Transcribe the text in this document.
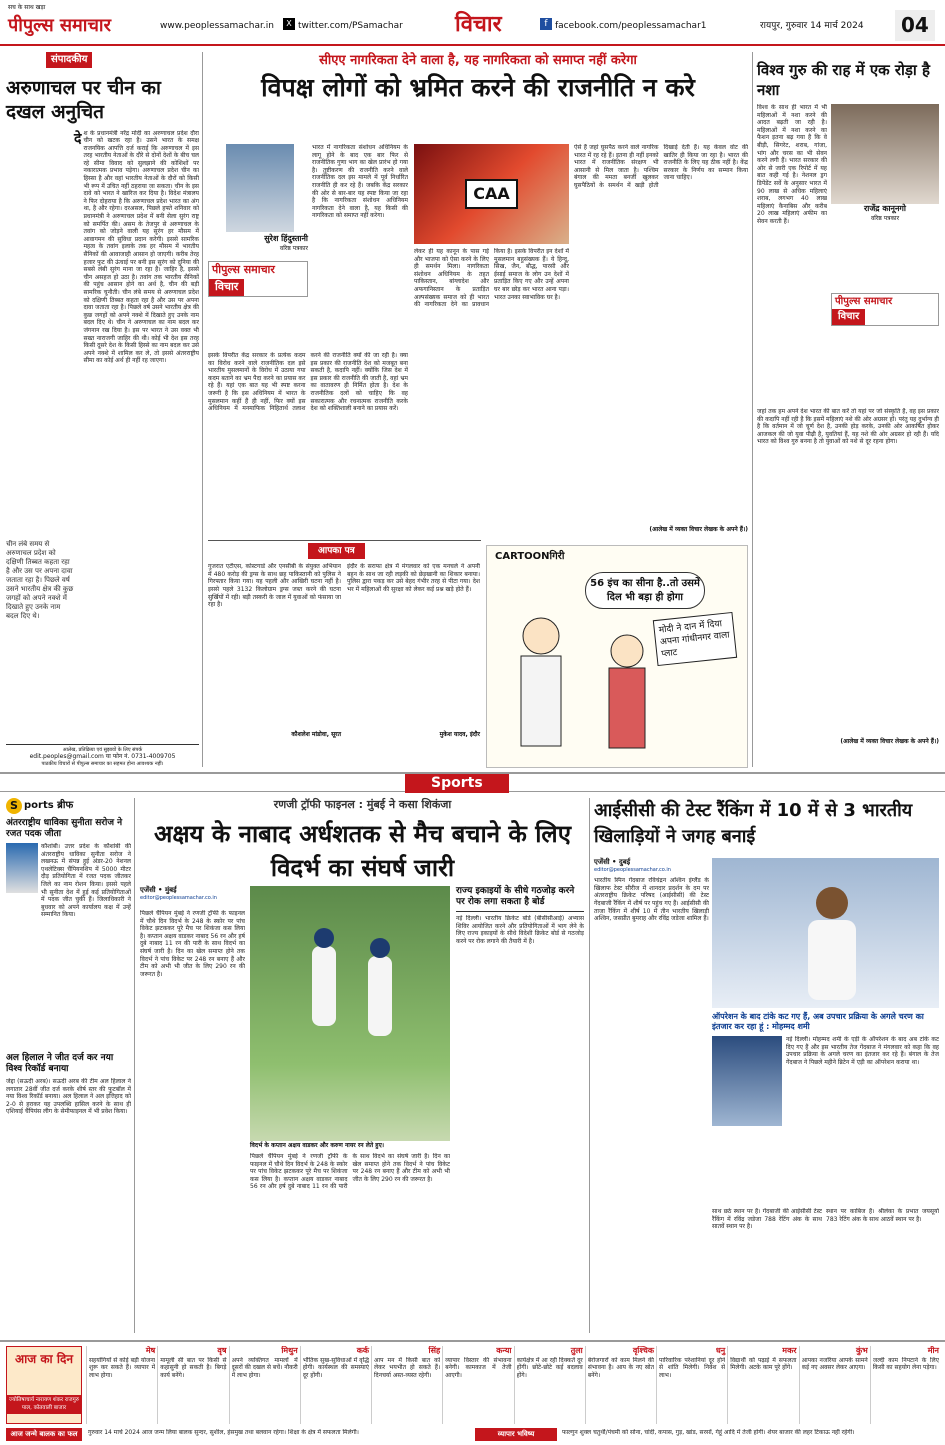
सच के साथ खड़ा
पीपुल्स समाचार	www.peoplessamachar.in	X twitter.com/PSamachar विचार	f facebook.com/peoplessamachar1	रायपुर, गुरुवार 14 मार्च 2024	04
संपादकीय
अरुणाचल पर चीन का दखल अनुचित
चीन लंबे समय से अरुणाचल प्रदेश को दक्षिणी तिब्बत कहता रहा है और उस पर अपना दावा जताता रहा है। पिछले वर्ष उसने भारतीय क्षेत्र की कुछ जगहों को अपने नक्शे में दिखाते हुए उनके नाम बदल दिए थे।
दे श के प्रधानमंत्री नरेंद्र मोदी का अरुणाचल प्रदेश दौरा चीन को खटक रहा है। उसने भारत के समक्ष राजनयिक आपत्ति दर्ज कराई कि अरुणाचल में इस तरह भारतीय नेताओं के दौरे से दोनों देशों के बीच चल रहे सीमा विवाद को सुलझाने की कोशिशों पर नकारात्मक प्रभाव पड़ेगा। अरुणाचल प्रदेश चीन का हिस्सा है और वहां भारतीय नेताओं के दौरों को किसी भी रूप में उचित नहीं ठहराया जा सकता। चीन के इस दावे को भारत ने खारिज कर दिया है। विदेश मंत्रालय ने फिर दोहराया है कि अरुणाचल प्रदेश भारत का अंग था, है और रहेगा। दरअसल, पिछले हफ्ते शनिवार को प्रधानमंत्री ने अरुणाचल प्रदेश में बनी सेला सुरंग राष्ट्र को समर्पित की। असम के तेजपुर से अरुणाचल के तवांग को जोड़ने वाली यह सुरंग हर मौसम में आवागमन की सुविधा प्रदान करेगी। इससे सामरिक महत्व के तवांग इलाके तक हर मौसम में भारतीय सैनिकों की आवाजाही आसान हो जाएगी। करीब तेरह हजार फुट की ऊंचाई पर बनी इस सुरंग को दुनिया की सबसे लंबी सुरंग माना जा रहा है। जाहिर है, इससे चीन असहज हो उठा है। तवांग तक भारतीय सैनिकों की पहुंच आसान होने का अर्थ है, चीन की बड़ी सामरिक चुनौती। चीन लंबे समय से अरुणाचल प्रदेश को दक्षिणी तिब्बत कहता रहा है और उस पर अपना दावा जताता रहा है। पिछले वर्ष उसने भारतीय क्षेत्र की कुछ जगहों को अपने नक्शे में दिखाते हुए उनके नाम बदल दिए थे। चीन ने अरुणाचल का नाम बदल कर जंगनान रख दिया है। इस पर भारत ने उस वक्त भी सख्त नाराजगी जाहिर की थी। कोई भी देश इस तरह किसी दूसरे देश के किसी हिस्से का नाम बदल कर उसे अपने नक्शे में शामिल कर ले, तो इससे अंतरराष्ट्रीय सीमा का कोई अर्थ ही नहीं रह जाएगा।
आलेख, प्रतिक्रिया एवं सुझावों के लिए संपर्क
edit.peoples@gmail.com या फोन नं. 0731-4009705
पाठकीय विचारों से पीपुल्स समाचार का सहमत होना आवश्यक नहीं।
सीएए नागरिकता देने वाला है, यह नागरिकता को समाप्त नहीं करेगा
विपक्ष लोगों को भ्रमित करने की राजनीति न करे
सुरेश हिंदुस्तानी
वरिष्ठ पत्रकार
पीपुल्स समाचार
विचार
भारत में नागरिकता संशोधन अधिनियम के लागू होने के बाद एक बार फिर से राजनीतिक गुणा भाग का खेल प्रारंभ हो गया है। तुष्टीकरण की राजनीति करने वाले राजनीतिक दल इस मामले में पूर्व निर्धारित राजनीति ही कर रहे हैं। जबकि केंद्र सरकार की ओर से बार-बार यह स्पष्ट किया जा रहा है कि नागरिकता संशोधन अधिनियम नागरिकता देने वाला है, यह किसी की नागरिकता को समाप्त नहीं करेगा।
इसके विपरीत केंद्र सरकार के प्रत्येक कदम का विरोध करने वाले राजनीतिक दल इसे भारतीय मुसलमानों के विरोध में उठाया गया कदम बताने का भ्रम पैदा करने का प्रयास कर रहे हैं। यहां एक बात यह भी स्पष्ट करना जरूरी है कि इस अधिनियम में भारत के मुसलमान कहीं हैं ही नहीं, फिर क्यों इस अधिनियम में मनमाफिक निहितार्थ तलाश करने की राजनीति क्यों की जा रही है। क्या इस प्रकार की राजनीति देश को मजबूत बना सकती है, कदापि नहीं। क्योंकि जिस देश में इस प्रकार की राजनीति की जाती है, वहां भ्रम का वातावरण ही निर्मित होता है। देश के राजनीतिक दलों को चाहिए कि वह सकारात्मक और रचनात्मक राजनीति करके देश को शक्तिशाली बनाने का प्रयास करें।
CAA
लेकर ही यह कानून के पास गई और भाजपा को ऐसा करने के लिए ही समर्थन मिला। नागरिकता संशोधन अधिनियम के तहत पाकिस्तान, बांग्लादेश और अफगानिस्तान के प्रताड़ित अल्पसंख्यक समाज को ही भारत की नागरिकता देने का प्रावधान किया है। इसके विपरीत इन देशों में मुसलमान बहुसंख्यक हैं। ये हिन्दू, सिख, जैन, बौद्ध, पारसी और ईसाई समाज के लोग उन देशों में प्रताड़ित किए गए और उन्हें अपना घर बार छोड़ कर भारत आना पड़ा। भारत उनका स्वाभाविक घर है।
ऐसे हैं जहां घुसपैठ करने वाले नागरिक भारत में रह रहे हैं। इतना ही नहीं इनको भारत में राजनीतिक संरक्षण भी आसानी से मिल जाता है। पश्चिम बंगाल की ममता बनर्जी खुलकर घुसपैठियों के समर्थन में खड़ी होती दिखाई देती हैं। यह केवल वोट की खातिर ही किया जा रहा है। भारत की राजनीति के लिए यह ठीक नहीं है। केंद्र सरकार के निर्णय का सम्मान किया जाना चाहिए।
(आलेख में व्यक्त विचार लेखक के अपने हैं।)
आपका पत्र
गुजरात एटीएस, कोस्टगार्ड और एनसीबी के संयुक्त अभियान में 480 करोड़ की ड्रग्स के साथ छह पाकिस्तानी को पुलिस ने गिरफ्तार किया गया। यह पहली और आखिरी घटना नहीं है। इससे पहले 3132 किलोग्राम ड्रग्स जब्त करने की घटना सुर्खियों में रही। बड़ी तस्करी के जाल में युवाओं को फंसाया जा रहा है।
कौशलेश मांडोवा, सूरत
इंदौर के सराफा क्षेत्र में मंगलवार को एक मनचले ने अपनी बहन के साथ जा रही लड़की को छेड़खानी का शिकार बनाया। पुलिस द्वारा पकड़ कर उसे बेहद गंभीर तरह से पीटा गया। देश भर में महिलाओं की सुरक्षा को लेकर कई प्रश्न खड़े होते हैं।
मुकेश यादव, इंदौर
CARTOONगिरी
56 इंच का सीना है..तो उसमें दिल भी बड़ा ही होगा
मोदी ने दान में दिया अपना गांधीनगर वाला प्लाट
विश्व गुरु की राह में एक रोड़ा है नशा
विश्व के साथ ही भारत में भी महिलाओं में नशा करने की आदत बढ़ती जा रही है। महिलाओं में नशा करने का फैशन इतना बढ़ गया है कि वे बीड़ी, सिगरेट, शराब, गांजा, भांग और चरस का भी सेवन करने लगी हैं। भारत सरकार की ओर से जारी एक रिपोर्ट में यह बात कही गई है। नेशनल ड्रग डिपेंडेंट सर्वे के अनुसार भारत में 90 लाख से अधिक महिलाएं शराब, लगभग 40 लाख महिलाएं कैनाबिस और करीब 20 लाख महिलाएं अफीम का सेवन करती हैं।
राजेंद्र कानूनगो
वरिष्ठ पत्रकार
पीपुल्स समाचार
विचार
जहां तक हम अपने देश भारत की बात करें तो यहां पर जो संस्कृति है, वह इस प्रकार की कदापि नहीं रही है कि इसमें महिलाएं नशे की ओर अग्रसर हों। परंतु यह दुर्भाग्य ही है कि वर्तमान में जो चूर्ण देश है, उनकी होड़ करके, उनकी ओर आकर्षित होकर आजकल की जो युवा पीढ़ी है, युवतियां हैं, यह नशे की ओर अग्रसर हो रही हैं। यदि भारत को विश्व गुरु बनना है तो युवाओं को नशे से दूर रहना होगा।
(आलेख में व्यक्त विचार लेखक के अपने हैं।)
Sports
S ports ब्रीफ
अंतरराष्ट्रीय धाविका सुनीता सरोज ने रजत पदक जीता
कौशांबी। उत्तर प्रदेश के कौशांबी की अंतरराष्ट्रीय धाविका सुनीता सरोज ने लखनऊ में संपन्न हुई अंडर-20 नेशनल एथलेटिक्स चैंपियनशिप में 5000 मीटर दौड़ प्रतियोगिता में रजत पदक जीतकर जिले का नाम रोशन किया। इससे पहले भी सुनीता देश में हुई कई प्रतियोगिताओं में पदक जीत चुकी हैं। जिलाधिकारी ने बुधवार को अपने कार्यालय कक्ष में उन्हें सम्मानित किया।
अल हिलाल ने जीत दर्ज कर नया विश्व रिकॉर्ड बनाया
जेद्दा (सऊदी अरब)। सऊदी अरब की टीम अल हिलाल ने लगातार 28वीं जीत दर्ज करके शीर्ष स्तर की फुटबॉल में नया विश्व रिकॉर्ड बनाया। अल हिलाल ने अल इत्तिहाद को 2-0 से हराकर यह उपलब्धि हासिल करने के साथ ही एशियाई चैंपियंस लीग के सेमीफाइनल में भी प्रवेश किया।
रणजी ट्रॉफी फाइनल : मुंबई ने कसा शिकंजा
अक्षय के नाबाद अर्धशतक से मैच बचाने के लिए विदर्भ का संघर्ष जारी
एजेंसी • मुंबई
editor@peoplessamachar.co.in
विदर्भ के कप्तान अक्षय वाडकर और करुण नायर रन लेते हुए।
पिछले चैंपियन मुंबई ने रणजी ट्रॉफी के फाइनल में चौथे दिन विदर्भ के 248 के स्कोर पर पांच विकेट झटककर पूरे मैच पर शिकंजा कस लिया है। कप्तान अक्षय वाडकर नाबाद 56 रन और हर्ष दुबे नाबाद 11 रन की पारी के साथ विदर्भ का संघर्ष जारी है। दिन का खेल समाप्त होने तक विदर्भ ने पांच विकेट पर 248 रन बनाए हैं और टीम को अभी भी जीत के लिए 290 रन की जरूरत है।
पिछले चैंपियन मुंबई ने रणजी ट्रॉफी के फाइनल में चौथे दिन विदर्भ के 248 के स्कोर पर पांच विकेट झटककर पूरे मैच पर शिकंजा कस लिया है। कप्तान अक्षय वाडकर नाबाद 56 रन और हर्ष दुबे नाबाद 11 रन की पारी के साथ विदर्भ का संघर्ष जारी है। दिन का खेल समाप्त होने तक विदर्भ ने पांच विकेट पर 248 रन बनाए हैं और टीम को अभी भी जीत के लिए 290 रन की जरूरत है।
राज्य इकाइयों के सीधे गठजोड़ करने पर रोक लगा सकता है बोर्ड
नई दिल्ली। भारतीय क्रिकेट बोर्ड (बीसीसीआई) अभ्यास शिविर आयोजित करने और प्रतियोगिताओं में भाग लेने के लिए राज्य इकाइयों के सीधे विदेशी क्रिकेट बोर्ड से गठजोड़ करने पर रोक लगाने की तैयारी में है।
आईसीसी की टेस्ट रैंकिंग में 10 में से 3 भारतीय खिलाड़ियों ने जगह बनाई
एजेंसी • दुबई
editor@peoplessamachar.co.in
भारतीय स्पिन गेंदबाज रविचंद्रन अश्विन इंग्लैंड के खिलाफ टेस्ट सीरीज में शानदार प्रदर्शन के दम पर अंतरराष्ट्रीय क्रिकेट परिषद (आईसीसी) की टेस्ट गेंदबाजी रैंकिंग में शीर्ष पर पहुंच गए हैं। आईसीसी की ताजा रैंकिंग में शीर्ष 10 में तीन भारतीय खिलाड़ी अश्विन, जसप्रीत बुमराह और रविंद्र जडेजा शामिल हैं।
ऑपरेशन के बाद टांके कट गए हैं, अब उपचार प्रक्रिया के अगले चरण का इंतजार कर रहा हूं : मोहम्मद शमी
नई दिल्ली। मोहम्मद शमी के एड़ी के ऑपरेशन के बाद अब टांके कट दिए गए हैं और इस भारतीय तेज गेंदबाज ने मंगलवार को कहा कि वह उपचार प्रक्रिया के अगले चरण का इंतजार कर रहे हैं। बंगाल के तेज गेंदबाज ने पिछले महीने ब्रिटेन में एड़ी का ऑपरेशन कराया था।
साथ छठे स्थान पर है। गेंदबाजी की आईसीसी टेस्ट रैंकिंग में रविंद्र जडेजा 788 रेटिंग अंक के साथ सातवें स्थान पर है।
स्थान पर काबिज है। श्रीलंका के प्रभात जयसूर्या 783 रेटिंग अंक के साथ आठवें स्थान पर है।
आज का दिन
ज्योतिषाचार्य नारायण शंकर राजगुरु पाल, कोतवाली बाजार
मेष
सहयोगियों से कोई बड़ी योजना शुरू कर सकते हैं। व्यापार में लाभ होगा।
वृष
मामूली सी बात पर किसी से कहासुनी हो सकती है। बिगड़े कार्य बनेंगे।
मिथुन
अपने व्यक्तिगत मामलों में दूसरों की दखल से बचें। नौकरी में लाभ होगा।
कर्क
भौतिक सुख-सुविधाओं में वृद्धि होगी। कार्यस्थल की समस्याएं दूर होंगी।
सिंह
आप मन में किसी बात को लेकर भयभीत हो सकते हैं। दिनचर्या अस्त-व्यस्त रहेगी।
कन्या
व्यापार विस्तार की संभावना बनेगी। कामकाज में तेजी आएगी।
तुला
कार्यक्षेत्र में आ रही दिक्कतें दूर होंगी। छोटे-छोटे कई बदलाव होंगे।
वृश्चिक
बेरोजगारों को काम मिलने की संभावना है। आय के नए स्रोत बनेंगे।
धनु
पारिवारिक परेशानियां दूर होने से शांति मिलेगी। निवेश से लाभ।
मकर
विद्यार्थी को पढ़ाई में सफलता मिलेगी। अटके काम पूरे होंगे।
कुंभ
आपका नजरिया आपके सामने कई नए अवसर लेकर आएगा।
मीन
जल्दी काम निपटाने के लिए किसी का सहयोग लेना पड़ेगा।
आज जन्मे बालक का फल	गुरुवार 14 मार्च 2024 आज जन्म लिया बालक सुन्दर, सुशील, हंसमुख तथा बलवान रहेगा। शिक्षा के क्षेत्र में सफलता मिलेगी।	व्यापार भविष्य	फाल्गुन शुक्ल चतुर्थी/पंचमी को सोना, चांदी, कपास, गुड़, खांड, सरसों, गेहूं आदि में तेजी होगी। शेयर बाजार की लहर टिकाऊ नहीं रहेगी।
